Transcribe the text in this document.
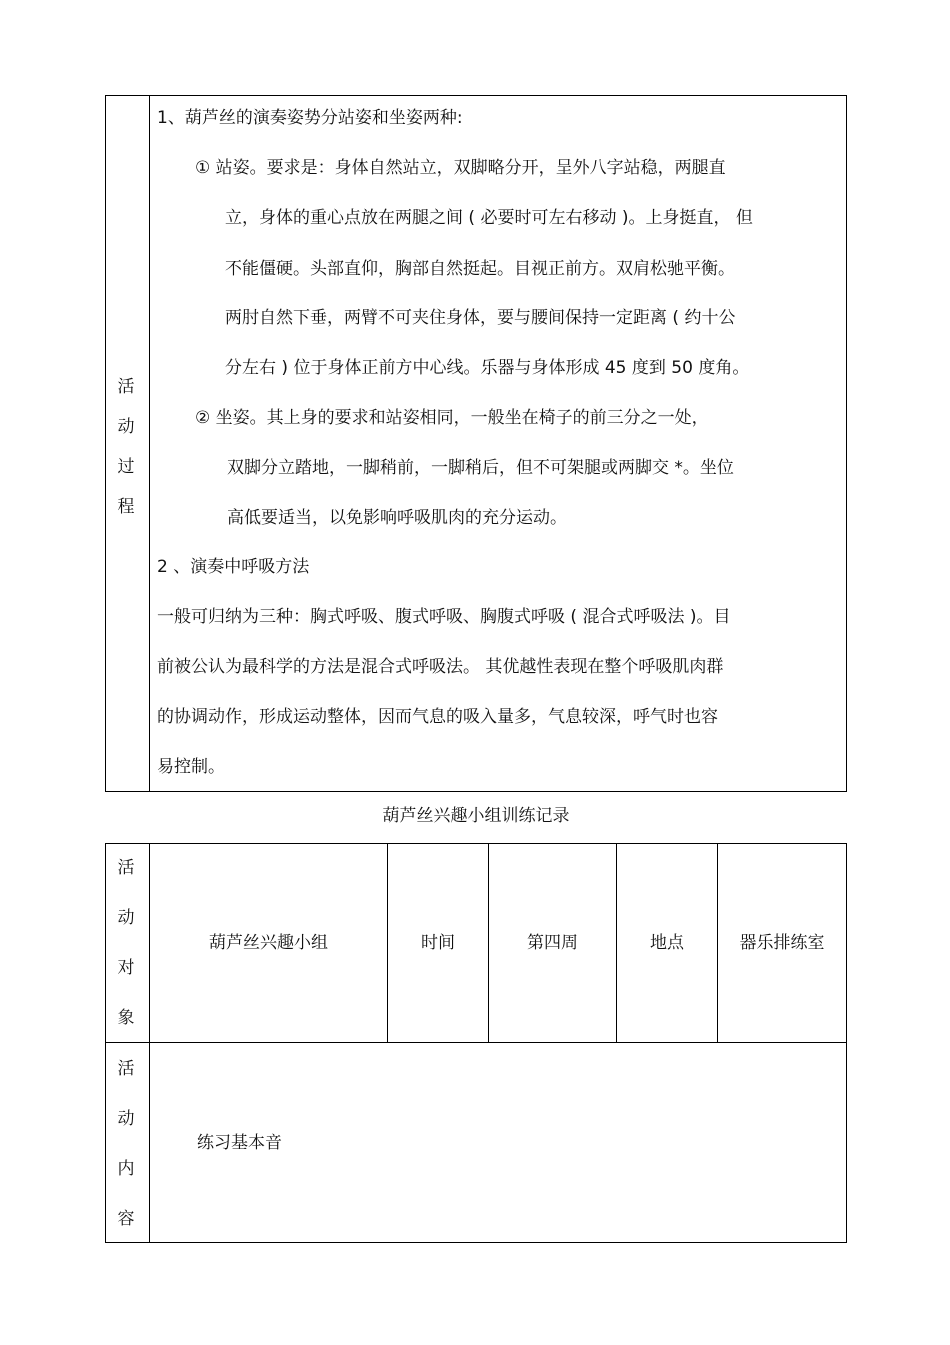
活
动
过
程
1、葫芦丝的演奏姿势分站姿和坐姿两种:
① 站姿。要求是：身体自然站立，双脚略分开，呈外八字站稳，两腿直
立，身体的重心点放在两腿之间 ( 必要时可左右移动 )。上身挺直， 但
不能僵硬。头部直仰，胸部自然挺起。目视正前方。双肩松驰平衡。
两肘自然下垂，两臂不可夹住身体，要与腰间保持一定距离 ( 约十公
分左右 ) 位于身体正前方中心线。乐器与身体形成 45 度到 50 度角。
② 坐姿。其上身的要求和站姿相同，一般坐在椅子的前三分之一处，
双脚分立踏地，一脚稍前，一脚稍后，但不可架腿或两脚交 *。坐位
高低要适当，以免影响呼吸肌肉的充分运动。
2 、演奏中呼吸方法
一般可归纳为三种：胸式呼吸、腹式呼吸、胸腹式呼吸 ( 混合式呼吸法 )。目
前被公认为最科学的方法是混合式呼吸法。 其优越性表现在整个呼吸肌肉群
的协调动作，形成运动整体，因而气息的吸入量多，气息较深，呼气时也容
易控制。
葫芦丝兴趣小组训练记录
活
动
对
象
葫芦丝兴趣小组	时间	第四周	地点	器乐排练室
活
动
内
容
练习基本音
